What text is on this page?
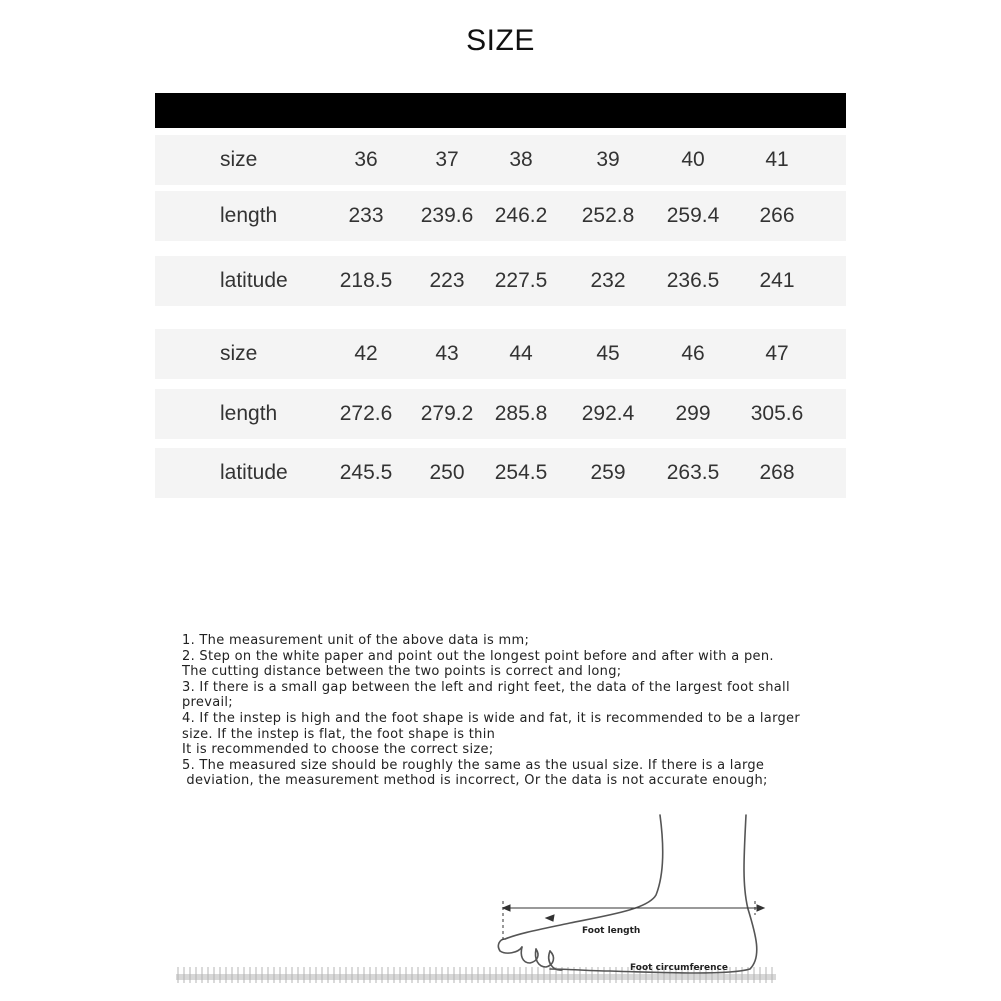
SIZE
size	36	37	38	39	40	41
length	233	239.6	246.2	252.8	259.4	266
latitude	218.5	223	227.5	232	236.5	241
size	42	43	44	45	46	47
length	272.6	279.2	285.8	292.4	299	305.6
latitude	245.5	250	254.5	259	263.5	268
1. The measurement unit of the above data is mm;
2. Step on the white paper and point out the longest point before and after with a pen.
The cutting distance between the two points is correct and long;
3. If there is a small gap between the left and right feet, the data of the largest foot shall
prevail;
4. If the instep is high and the foot shape is wide and fat, it is recommended to be a larger
size. If the instep is flat, the foot shape is thin
It is recommended to choose the correct size;
5. The measured size should be roughly the same as the usual size. If there is a large
deviation, the measurement method is incorrect, Or the data is not accurate enough;
Foot length
Foot circumference
